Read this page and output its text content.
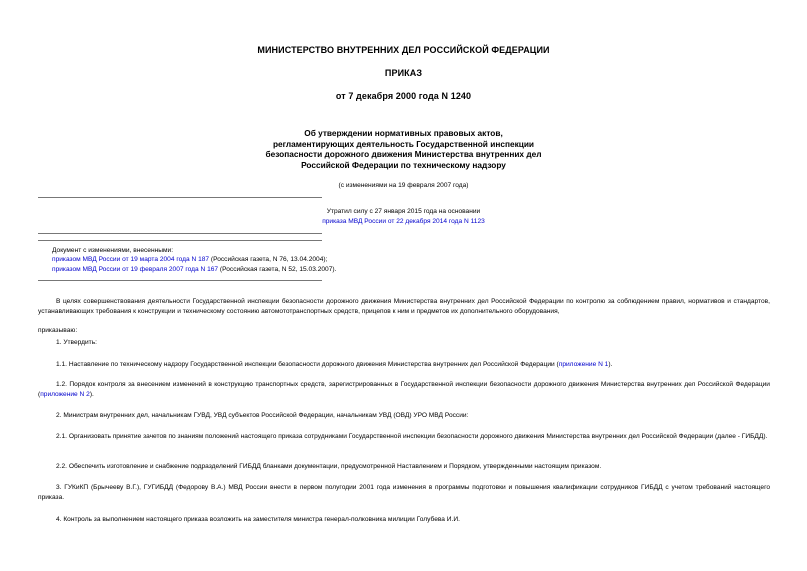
МИНИСТЕРСТВО ВНУТРЕННИХ ДЕЛ РОССИЙСКОЙ ФЕДЕРАЦИИ
ПРИКАЗ
от 7 декабря 2000 года N 1240
Об утверждении нормативных правовых актов,
регламентирующих деятельность Государственной инспекции
безопасности дорожного движения Министерства внутренних дел
Российской Федерации по техническому надзору
(с изменениями на 19 февраля 2007 года)
Утратил силу с 27 января 2015 года на основании
приказа МВД России от 22 декабря 2014 года N 1123
Документ с изменениями, внесенными:
приказом МВД России от 19 марта 2004 года N 187 (Российская газета, N 76, 13.04.2004);
приказом МВД России от 19 февраля 2007 года N 167 (Российская газета, N 52, 15.03.2007).
В целях совершенствования деятельности Государственной инспекции безопасности дорожного движения Министерства внутренних дел Российской Федерации по контролю за соблюдением правил, нормативов и стандартов, устанавливающих требования к конструкции и техническому состоянию автомототранспортных средств, прицепов к ним и предметов их дополнительного оборудования,
приказываю:
1. Утвердить:
1.1. Наставление по техническому надзору Государственной инспекции безопасности дорожного движения Министерства внутренних дел Российской Федерации (приложение N 1).
1.2. Порядок контроля за внесением изменений в конструкцию транспортных средств, зарегистрированных в Государственной инспекции безопасности дорожного движения Министерства внутренних дел Российской Федерации (приложение N 2).
2. Министрам внутренних дел, начальникам ГУВД, УВД субъектов Российской Федерации, начальникам УВД (ОВД) УРО МВД России:
2.1. Организовать принятие зачетов по знаниям положений настоящего приказа сотрудниками Государственной инспекции безопасности дорожного движения Министерства внутренних дел Российской Федерации (далее - ГИБДД).
2.2. Обеспечить изготовление и снабжение подразделений ГИБДД бланками документации, предусмотренной Наставлением и Порядком, утвержденными настоящим приказом.
3. ГУКиКП (Брычееву В.Г.), ГУГИБДД (Федорову В.А.) МВД России внести в первом полугодии 2001 года изменения в программы подготовки и повышения квалификации сотрудников ГИБДД с учетом требований настоящего приказа.
4. Контроль за выполнением настоящего приказа возложить на заместителя министра генерал-полковника милиции Голубева И.И.
